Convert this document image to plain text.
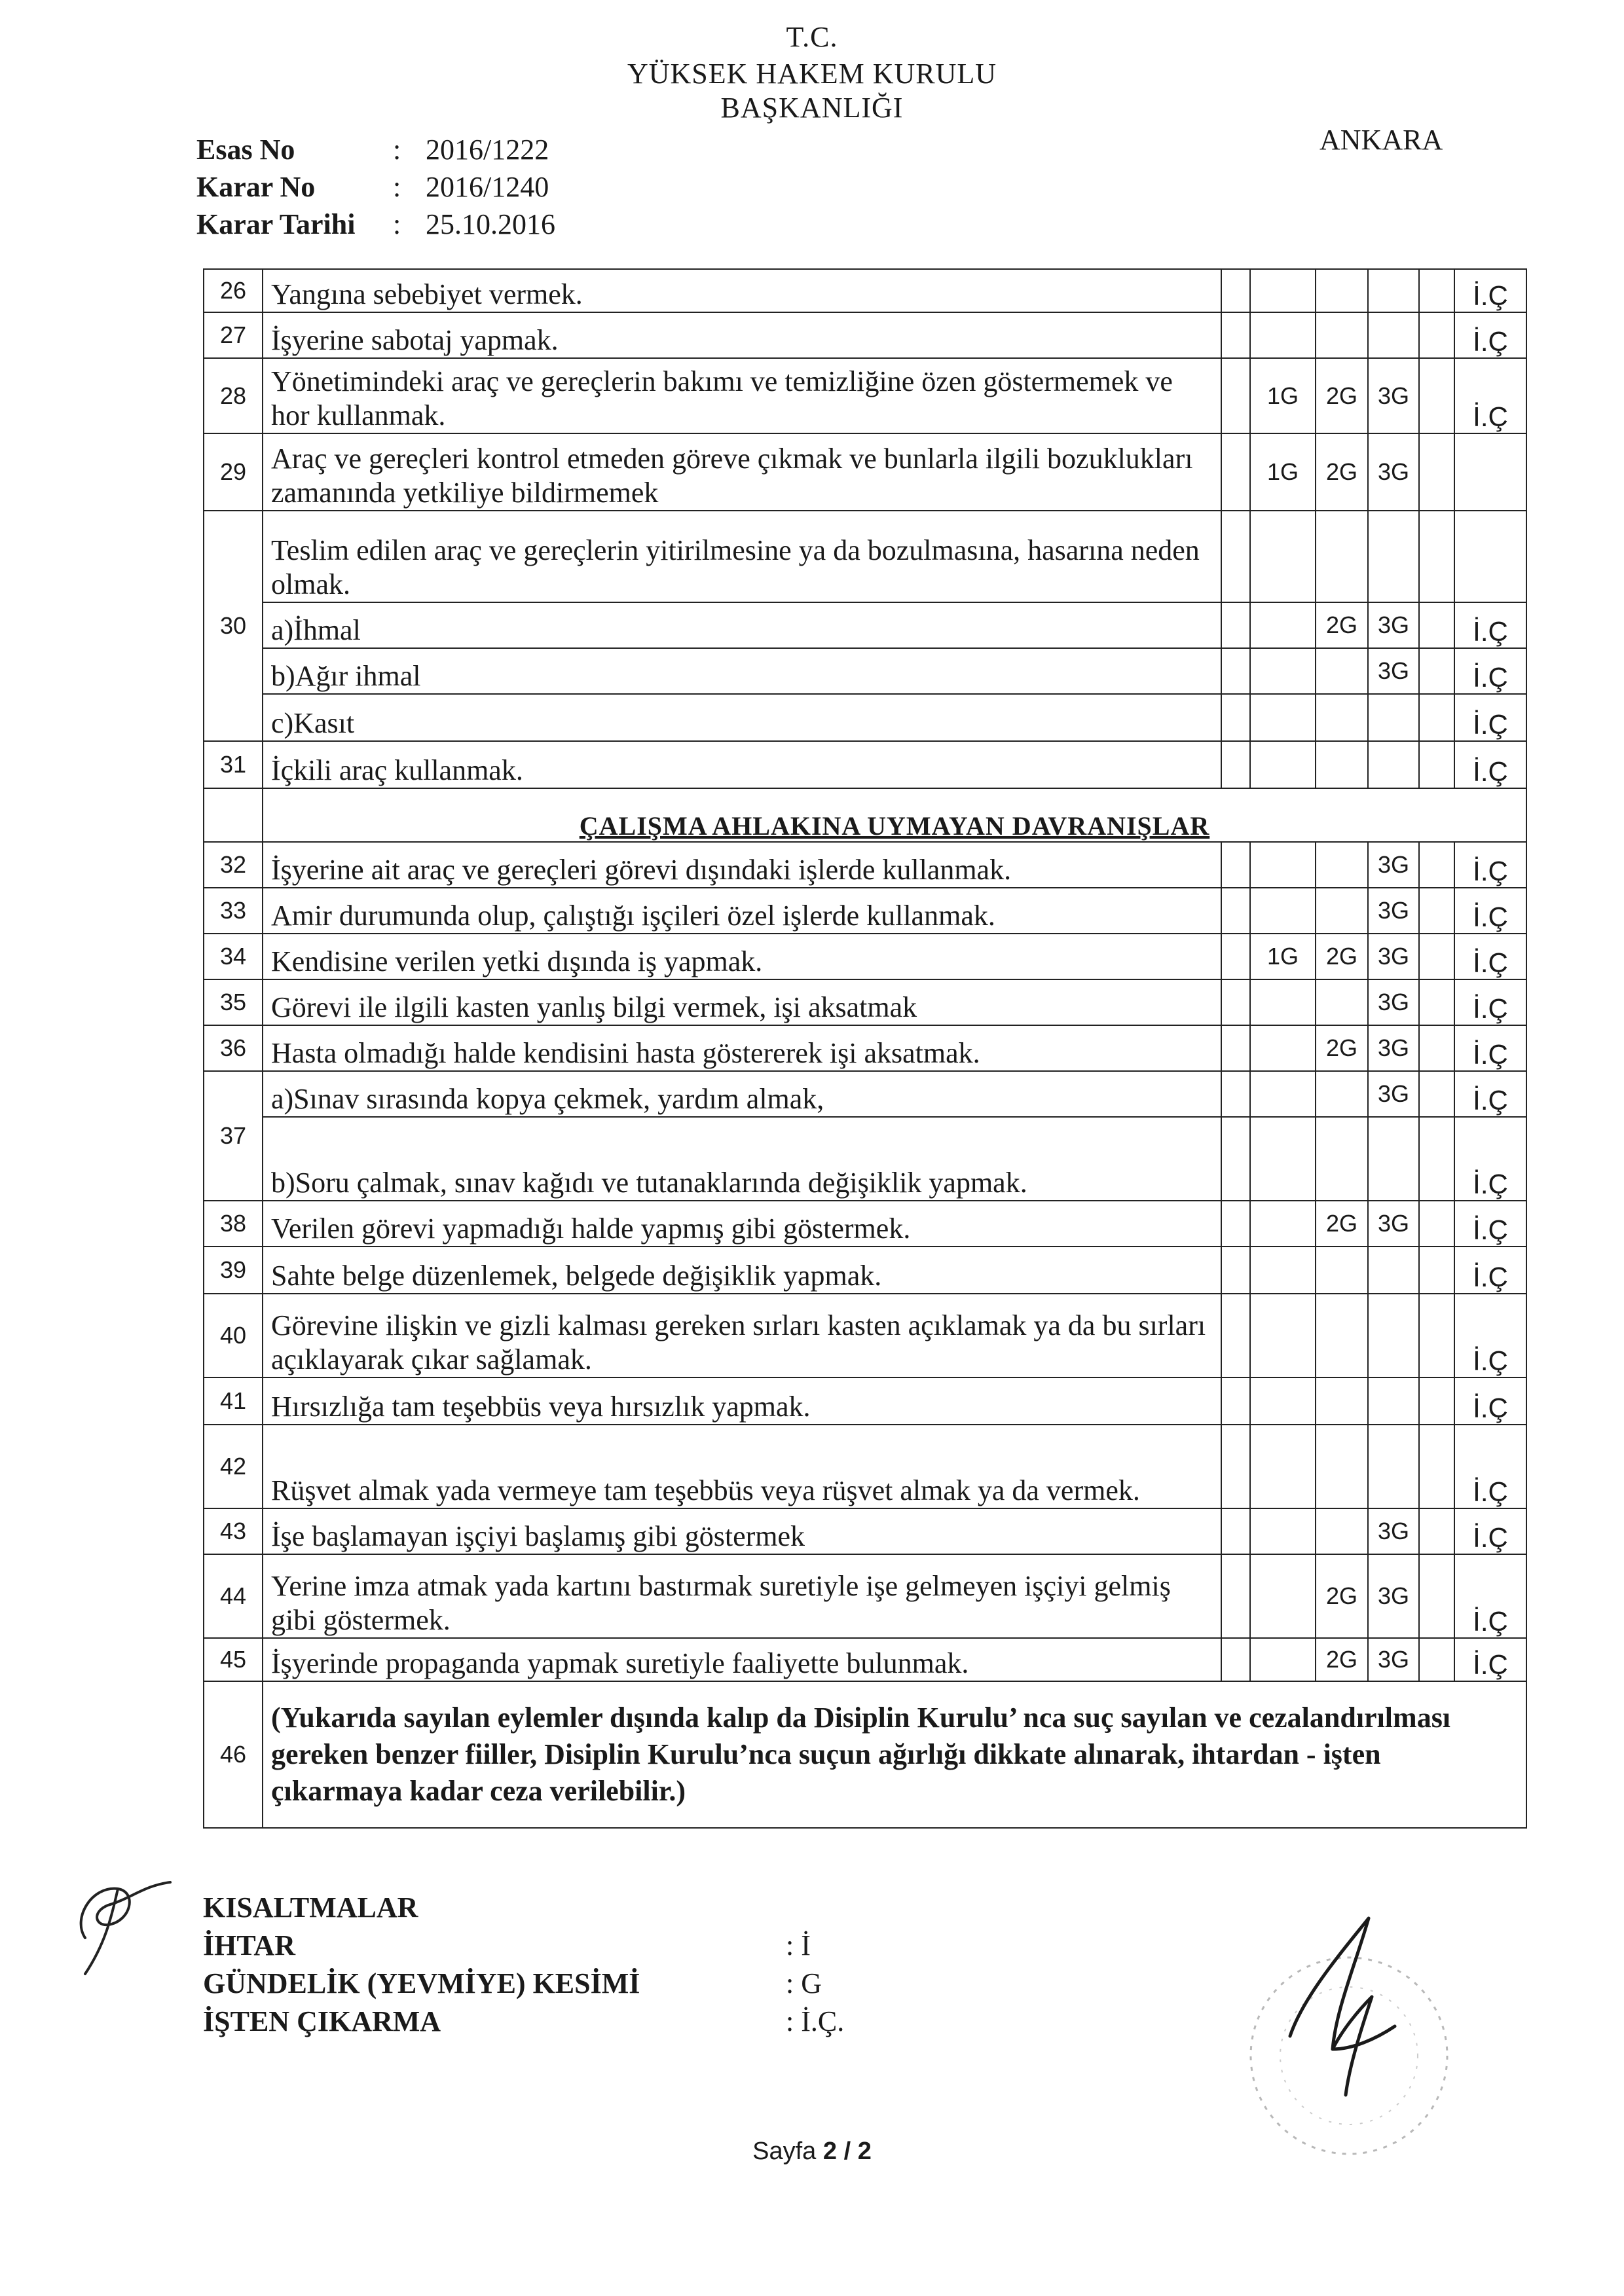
T.C.
YÜKSEK HAKEM KURULU
BAŞKANLIĞI
ANKARA
Esas No	: 2016/1222
Karar No	: 2016/1240
Karar Tarihi	: 25.10.2016
26	Yangına sebebiyet vermek.						İ.Ç
27	İşyerine sabotaj yapmak.						İ.Ç
28	Yönetimindeki araç ve gereçlerin bakımı ve temizliğine özen göstermemek ve hor kullanmak.		1G	2G	3G		İ.Ç
29	Araç ve gereçleri kontrol etmeden göreve çıkmak ve bunlarla ilgili bozuklukları zamanında yetkiliye bildirmemek		1G	2G	3G		
30	Teslim edilen araç ve gereçlerin yitirilmesine ya da bozulmasına, hasarına neden olmak.						
	a)İhmal			2G	3G		İ.Ç
	b)Ağır ihmal				3G		İ.Ç
	c)Kasıt						İ.Ç
31	İçkili araç kullanmak.						İ.Ç
	ÇALIŞMA AHLAKINA UYMAYAN DAVRANIŞLAR						
32	İşyerine ait araç ve gereçleri görevi dışındaki işlerde kullanmak.				3G		İ.Ç
33	Amir durumunda olup, çalıştığı işçileri özel işlerde kullanmak.				3G		İ.Ç
34	Kendisine verilen yetki dışında iş yapmak.		1G	2G	3G		İ.Ç
35	Görevi ile ilgili kasten yanlış bilgi vermek, işi aksatmak				3G		İ.Ç
36	Hasta olmadığı halde kendisini hasta göstererek işi aksatmak.			2G	3G		İ.Ç
37	a)Sınav sırasında kopya çekmek, yardım almak,				3G		İ.Ç
	b)Soru çalmak, sınav kağıdı ve tutanaklarında değişiklik yapmak.						İ.Ç
38	Verilen görevi yapmadığı halde yapmış gibi göstermek.			2G	3G		İ.Ç
39	Sahte belge düzenlemek, belgede değişiklik yapmak.						İ.Ç
40	Görevine ilişkin ve gizli kalması gereken sırları kasten açıklamak ya da bu sırları açıklayarak çıkar sağlamak.						İ.Ç
41	Hırsızlığa tam teşebbüs veya hırsızlık yapmak.						İ.Ç
42	Rüşvet almak yada vermeye tam teşebbüs veya rüşvet almak ya da vermek.						İ.Ç
43	İşe başlamayan işçiyi başlamış gibi göstermek				3G		İ.Ç
44	Yerine imza atmak yada kartını bastırmak suretiyle işe gelmeyen işçiyi gelmiş gibi göstermek.			2G	3G		İ.Ç
45	İşyerinde propaganda yapmak suretiyle faaliyette bulunmak.			2G	3G		İ.Ç
46	(Yukarıda sayılan eylemler dışında kalıp da Disiplin Kurulu’ nca suç sayılan ve cezalandırılması gereken benzer fiiller, Disiplin Kurulu’nca suçun ağırlığı dikkate alınarak, ihtardan - işten çıkarmaya kadar ceza verilebilir.)						
KISALTMALAR
İHTAR	: İ
GÜNDELİK (YEVMİYE) KESİMİ	: G
İŞTEN ÇIKARMA	: İ.Ç.
Sayfa 2 / 2
